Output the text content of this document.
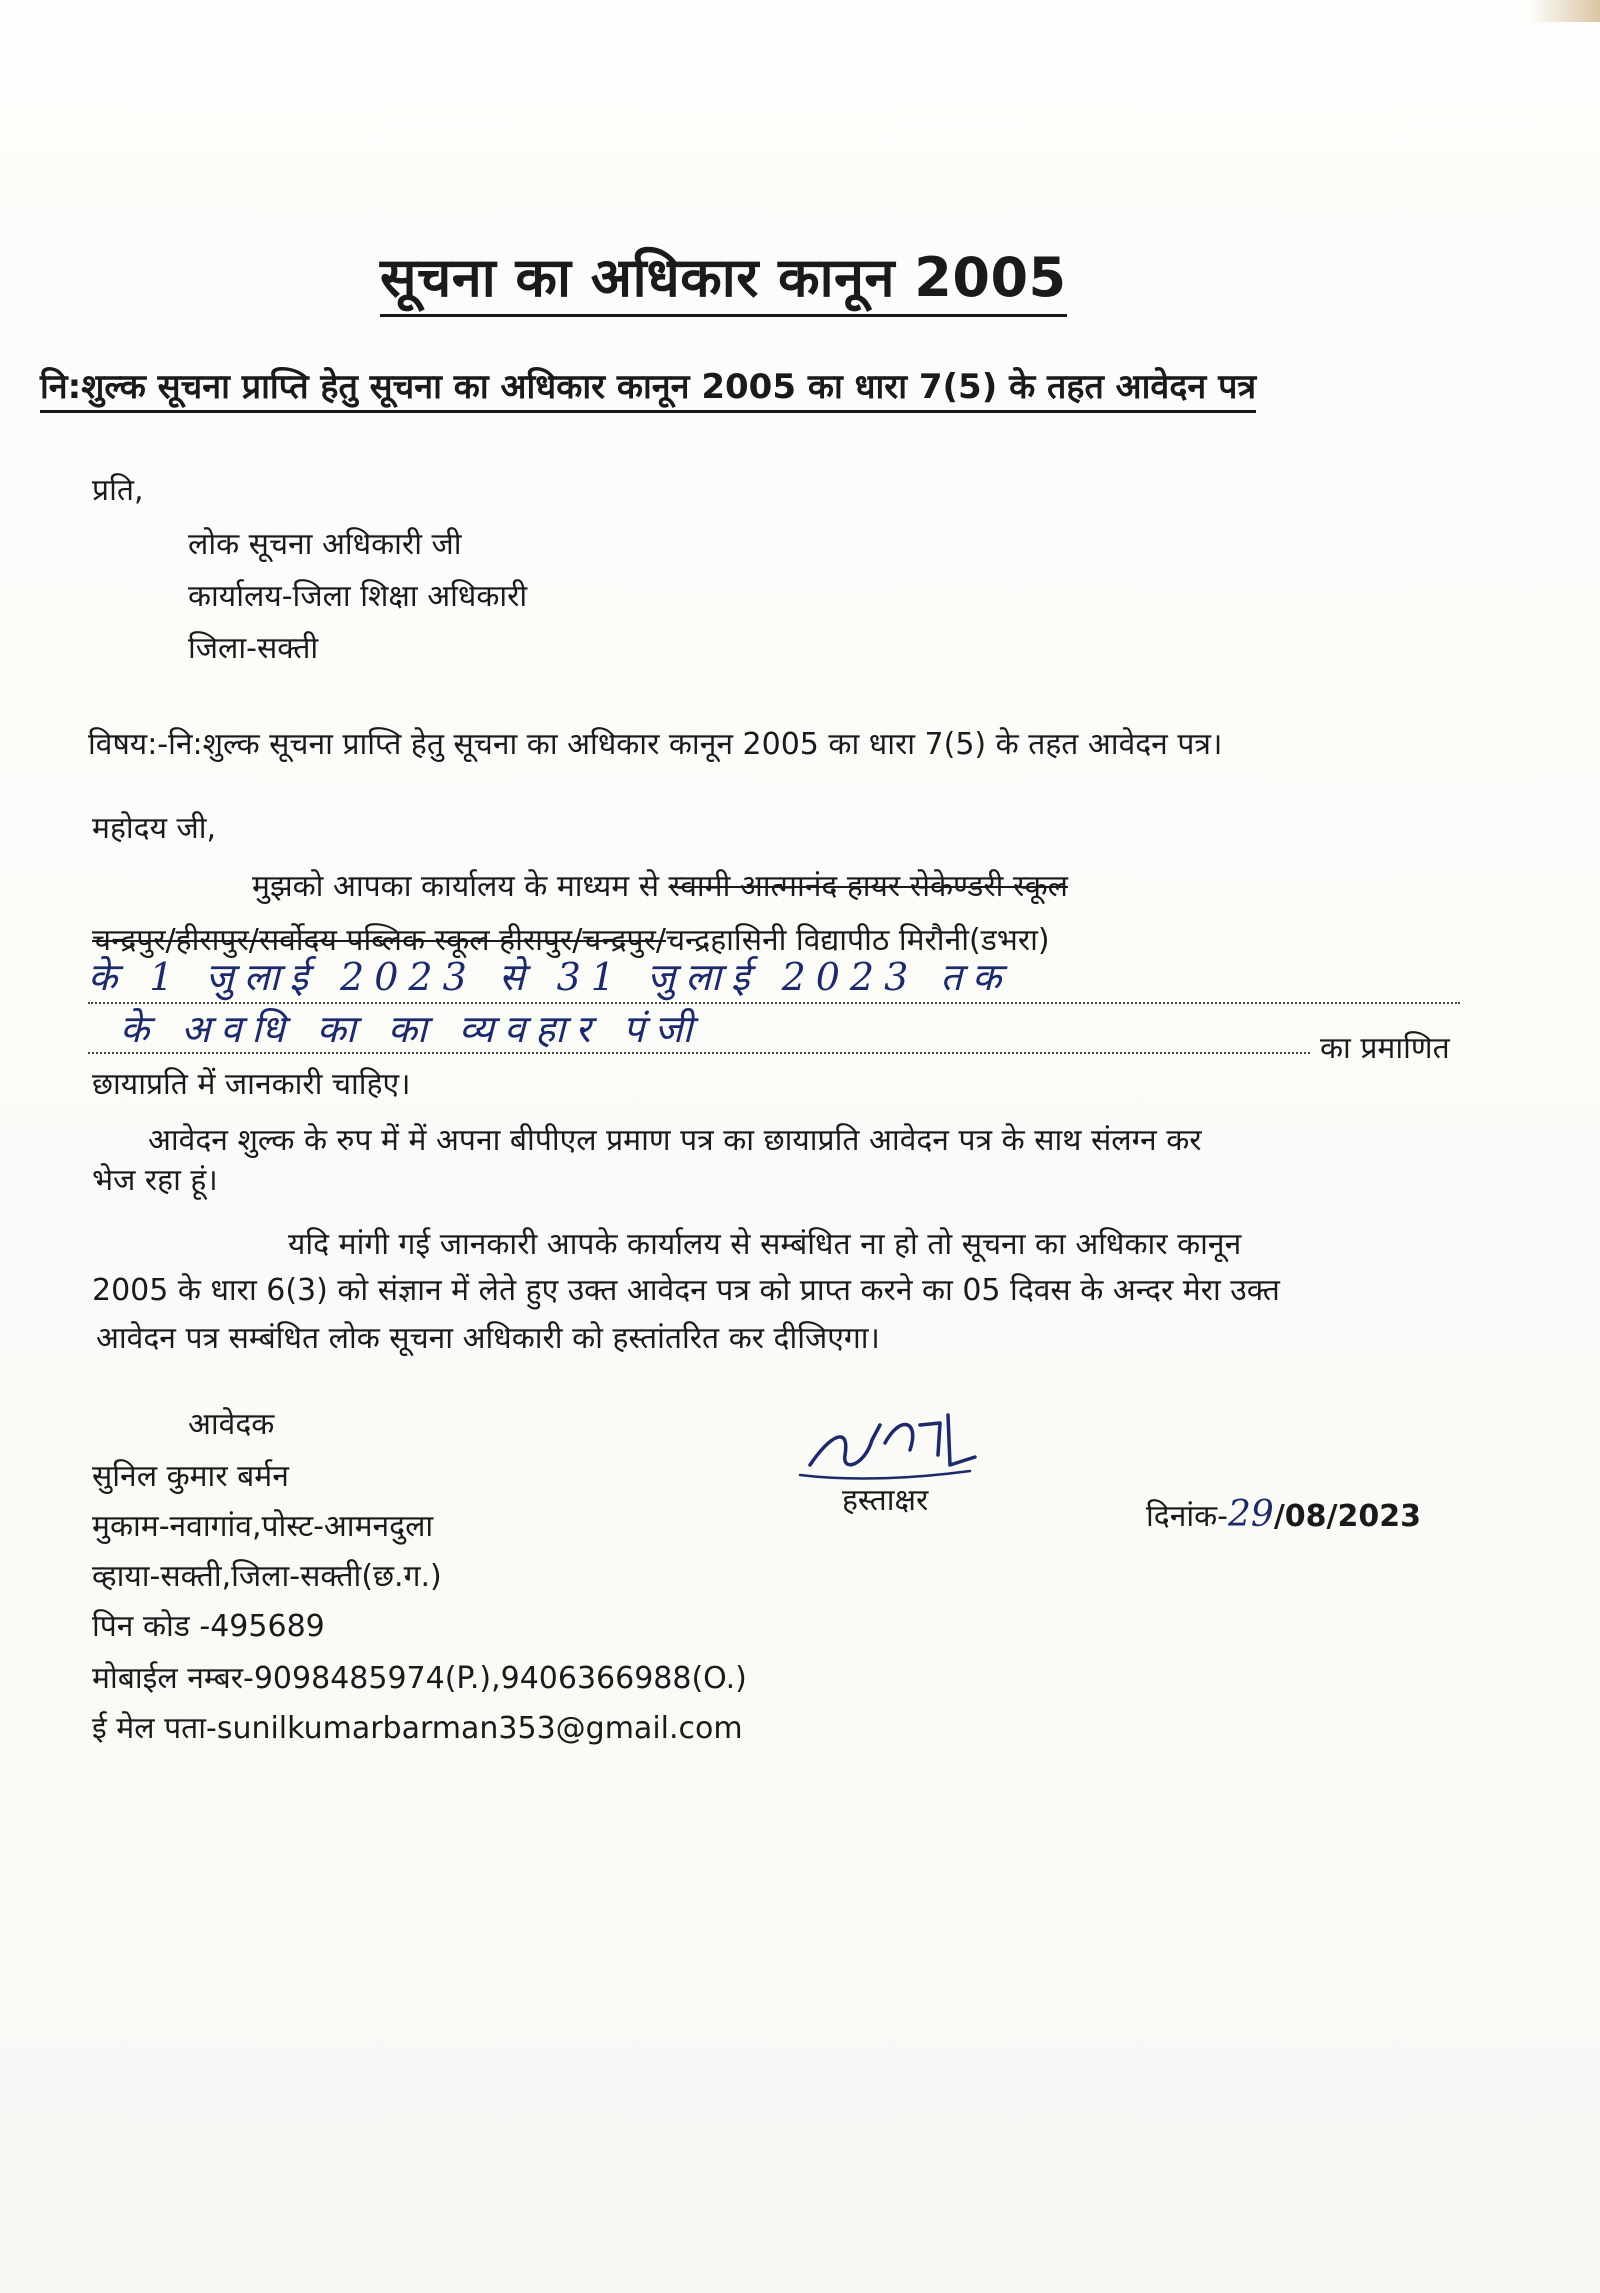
सूचना का अधिकार कानून 2005
नि:शुल्क सूचना प्राप्ति हेतु सूचना का अधिकार कानून 2005 का धारा 7(5) के तहत आवेदन पत्र
प्रति,
लोक सूचना अधिकारी जी
कार्यालय-जिला शिक्षा अधिकारी
जिला-सक्ती
विषय:-नि:शुल्क सूचना प्राप्ति हेतु सूचना का अधिकार कानून 2005 का धारा 7(5) के तहत आवेदन पत्र।
महोदय जी,
मुझको आपका कार्यालय के माध्यम से स्वामी आत्मानंद हायर सेकेण्डरी स्कूल
चन्द्रपुर/हीरापुर/सर्वोदय पब्लिक स्कूल हीरापुर/चन्द्रपुर/चन्द्रहासिनी विद्यापीठ मिरौनी(डभरा)
के 1 जुलाई 2023 से 31 जुलाई 2023 तक
के अवधि का का व्यवहार पंजी	का प्रमाणित
छायाप्रति में जानकारी चाहिए।
आवेदन शुल्क के रुप में में अपना बीपीएल प्रमाण पत्र का छायाप्रति आवेदन पत्र के साथ संलग्न कर
भेज रहा हूं।
यदि मांगी गई जानकारी आपके कार्यालय से सम्बंधित ना हो तो सूचना का अधिकार कानून
2005 के धारा 6(3) को संज्ञान में लेते हुए उक्त आवेदन पत्र को प्राप्त करने का 05 दिवस के अन्दर मेरा उक्त
आवेदन पत्र सम्बंधित लोक सूचना अधिकारी को हस्तांतरित कर दीजिएगा।
आवेदक
सुनिल कुमार बर्मन
मुकाम-नवागांव,पोस्ट-आमनदुला
व्हाया-सक्ती,जिला-सक्ती(छ.ग.)
पिन कोड -495689
मोबाईल नम्बर-9098485974(P.),9406366988(O.)
ई मेल पता-sunilkumarbarman353@gmail.com
हस्ताक्षर	दिनांक-29/08/2023
